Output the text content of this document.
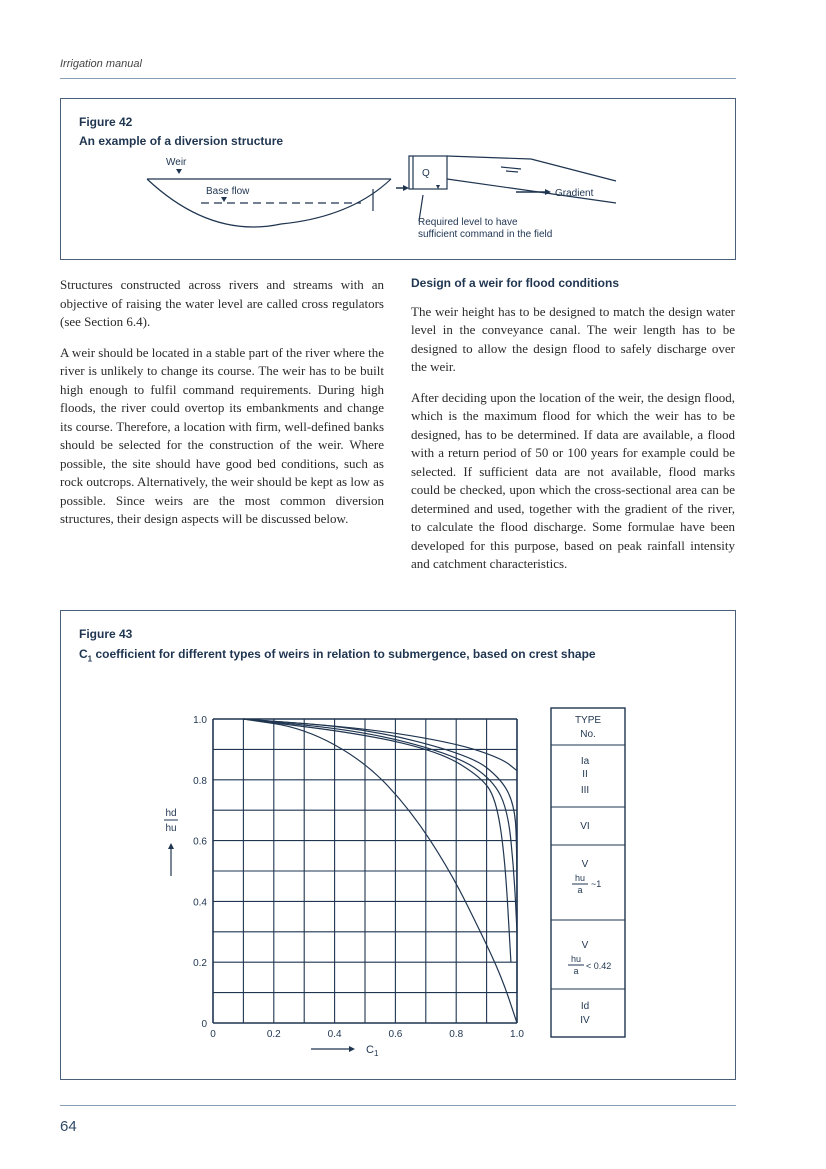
Irrigation manual
Figure 42
An example of a diversion structure
Weir
Base flow
Q
Gradient
Required level to have
sufficient command in the field

Structures constructed across rivers and streams with an objective of raising the water level are called cross regulators (see Section 6.4).

A weir should be located in a stable part of the river where the river is unlikely to change its course. The weir has to be built high enough to fulfil command requirements. During high floods, the river could overtop its embankments and change its course. Therefore, a location with firm, well-defined banks should be selected for the construction of the weir. Where possible, the site should have good bed conditions, such as rock outcrops. Alternatively, the weir should be kept as low as possible. Since weirs are the most common diversion structures, their design aspects will be discussed below.

Design of a weir for flood conditions

The weir height has to be designed to match the design water level in the conveyance canal. The weir length has to be designed to allow the design flood to safely discharge over the weir.

After deciding upon the location of the weir, the design flood, which is the maximum flood for which the weir has to be designed, has to be determined. If data are available, a flood with a return period of 50 or 100 years for example could be selected. If sufficient data are not available, flood marks could be checked, upon which the cross-sectional area can be determined and used, together with the gradient of the river, to calculate the flood discharge. Some formulae have been developed for this purpose, based on peak rainfall intensity and catchment characteristics.

Figure 43
$C_1$ coefficient for different types of weirs in relation to submergence, based on crest shape
0	0.2	0.4	0.6	0.8	1.0
0
0.2
0.4
0.6
0.8
1.0
hd
hu
$C_1$
TYPE
No.
Ia
II
III
VI
V
hu
a
~1
V
hu
a < 0.42
Id
IV
64
